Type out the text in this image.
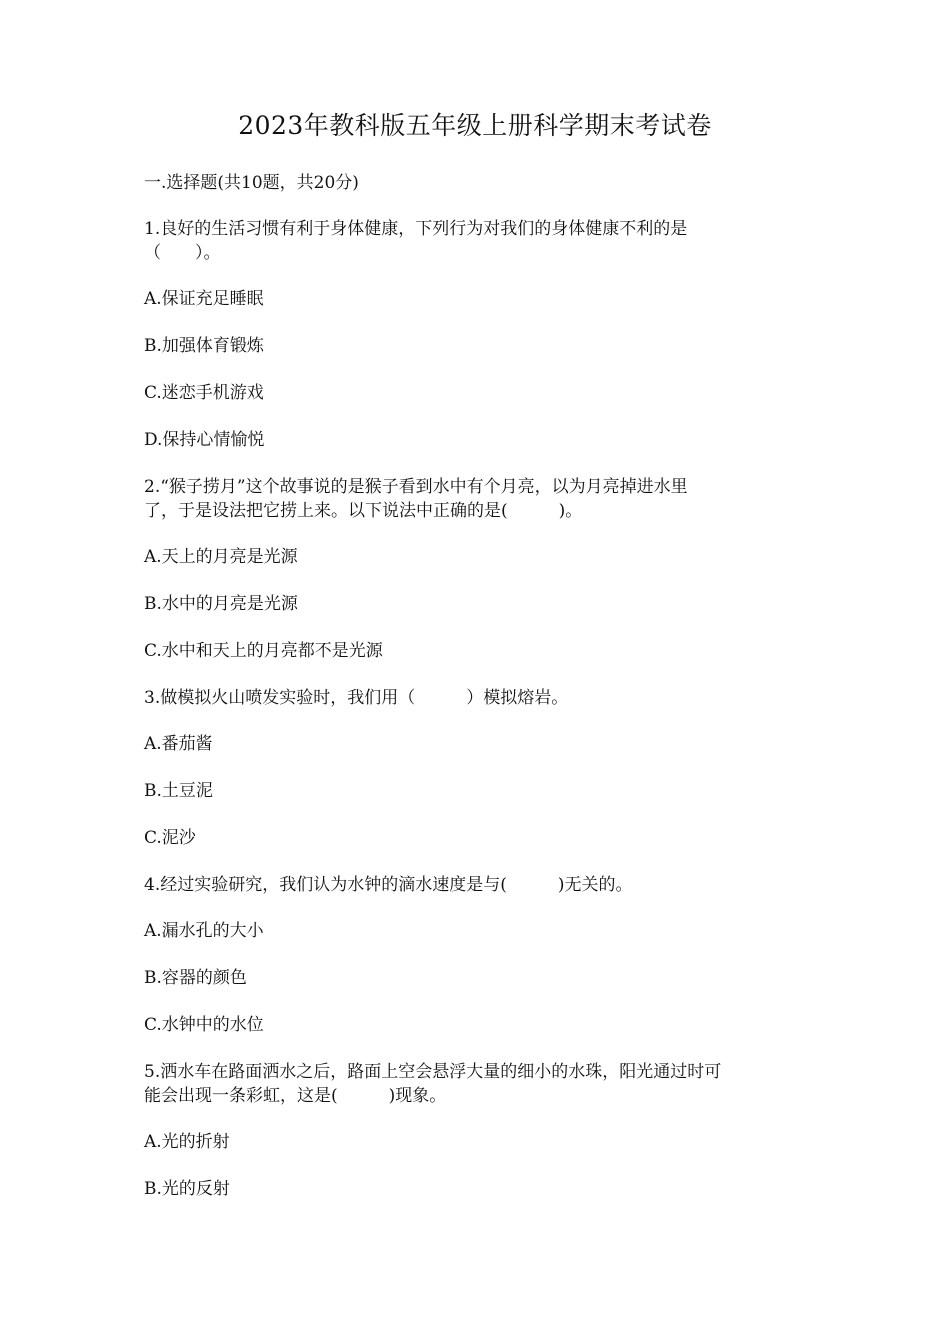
2023年教科版五年级上册科学期末考试卷

一.选择题(共10题，共20分)

1.良好的生活习惯有利于身体健康，下列行为对我们的身体健康不利的是

（　　）。

A.保证充足睡眠

B.加强体育锻炼

C.迷恋手机游戏

D.保持心情愉悦

2.“猴子捞月”这个故事说的是猴子看到水中有个月亮，以为月亮掉进水里

了，于是设法把它捞上来。以下说法中正确的是(　　　)。

A.天上的月亮是光源

B.水中的月亮是光源

C.水中和天上的月亮都不是光源

3.做模拟火山喷发实验时，我们用（　　　）模拟熔岩。

A.番茄酱

B.土豆泥

C.泥沙

4.经过实验研究，我们认为水钟的滴水速度是与(　　　)无关的。

A.漏水孔的大小

B.容器的颜色

C.水钟中的水位

5.洒水车在路面洒水之后，路面上空会悬浮大量的细小的水珠，阳光通过时可

能会出现一条彩虹，这是(　　　)现象。

A.光的折射

B.光的反射
